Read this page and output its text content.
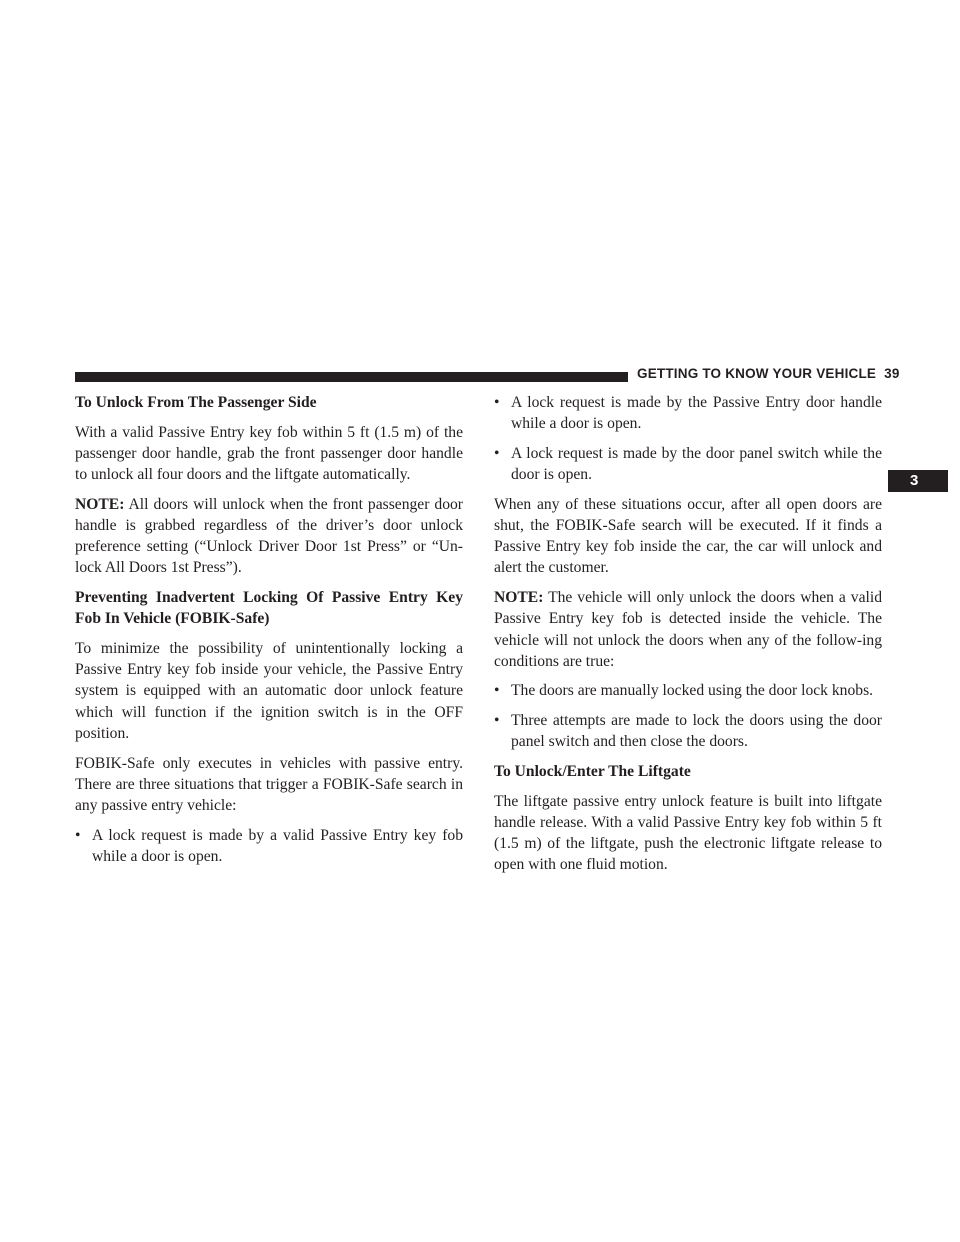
GETTING TO KNOW YOUR VEHICLE 39
3
To Unlock From The Passenger Side
With a valid Passive Entry key fob within 5 ft (1.5 m) of the passenger door handle, grab the front passenger door handle to unlock all four doors and the liftgate automatically.
NOTE: All doors will unlock when the front passenger door handle is grabbed regardless of the driver’s door unlock preference setting (“Unlock Driver Door 1st Press” or “Un-lock All Doors 1st Press”).
Preventing Inadvertent Locking Of Passive Entry Key Fob In Vehicle (FOBIK-Safe)
To minimize the possibility of unintentionally locking a Passive Entry key fob inside your vehicle, the Passive Entry system is equipped with an automatic door unlock feature which will function if the ignition switch is in the OFF position.
FOBIK-Safe only executes in vehicles with passive entry. There are three situations that trigger a FOBIK-Safe search in any passive entry vehicle:
• A lock request is made by a valid Passive Entry key fob while a door is open.
• A lock request is made by the Passive Entry door handle while a door is open.
• A lock request is made by the door panel switch while the door is open.
When any of these situations occur, after all open doors are shut, the FOBIK-Safe search will be executed. If it finds a Passive Entry key fob inside the car, the car will unlock and alert the customer.
NOTE: The vehicle will only unlock the doors when a valid Passive Entry key fob is detected inside the vehicle. The vehicle will not unlock the doors when any of the follow-ing conditions are true:
• The doors are manually locked using the door lock knobs.
• Three attempts are made to lock the doors using the door panel switch and then close the doors.
To Unlock/Enter The Liftgate
The liftgate passive entry unlock feature is built into liftgate handle release. With a valid Passive Entry key fob within 5 ft (1.5 m) of the liftgate, push the electronic liftgate release to open with one fluid motion.
